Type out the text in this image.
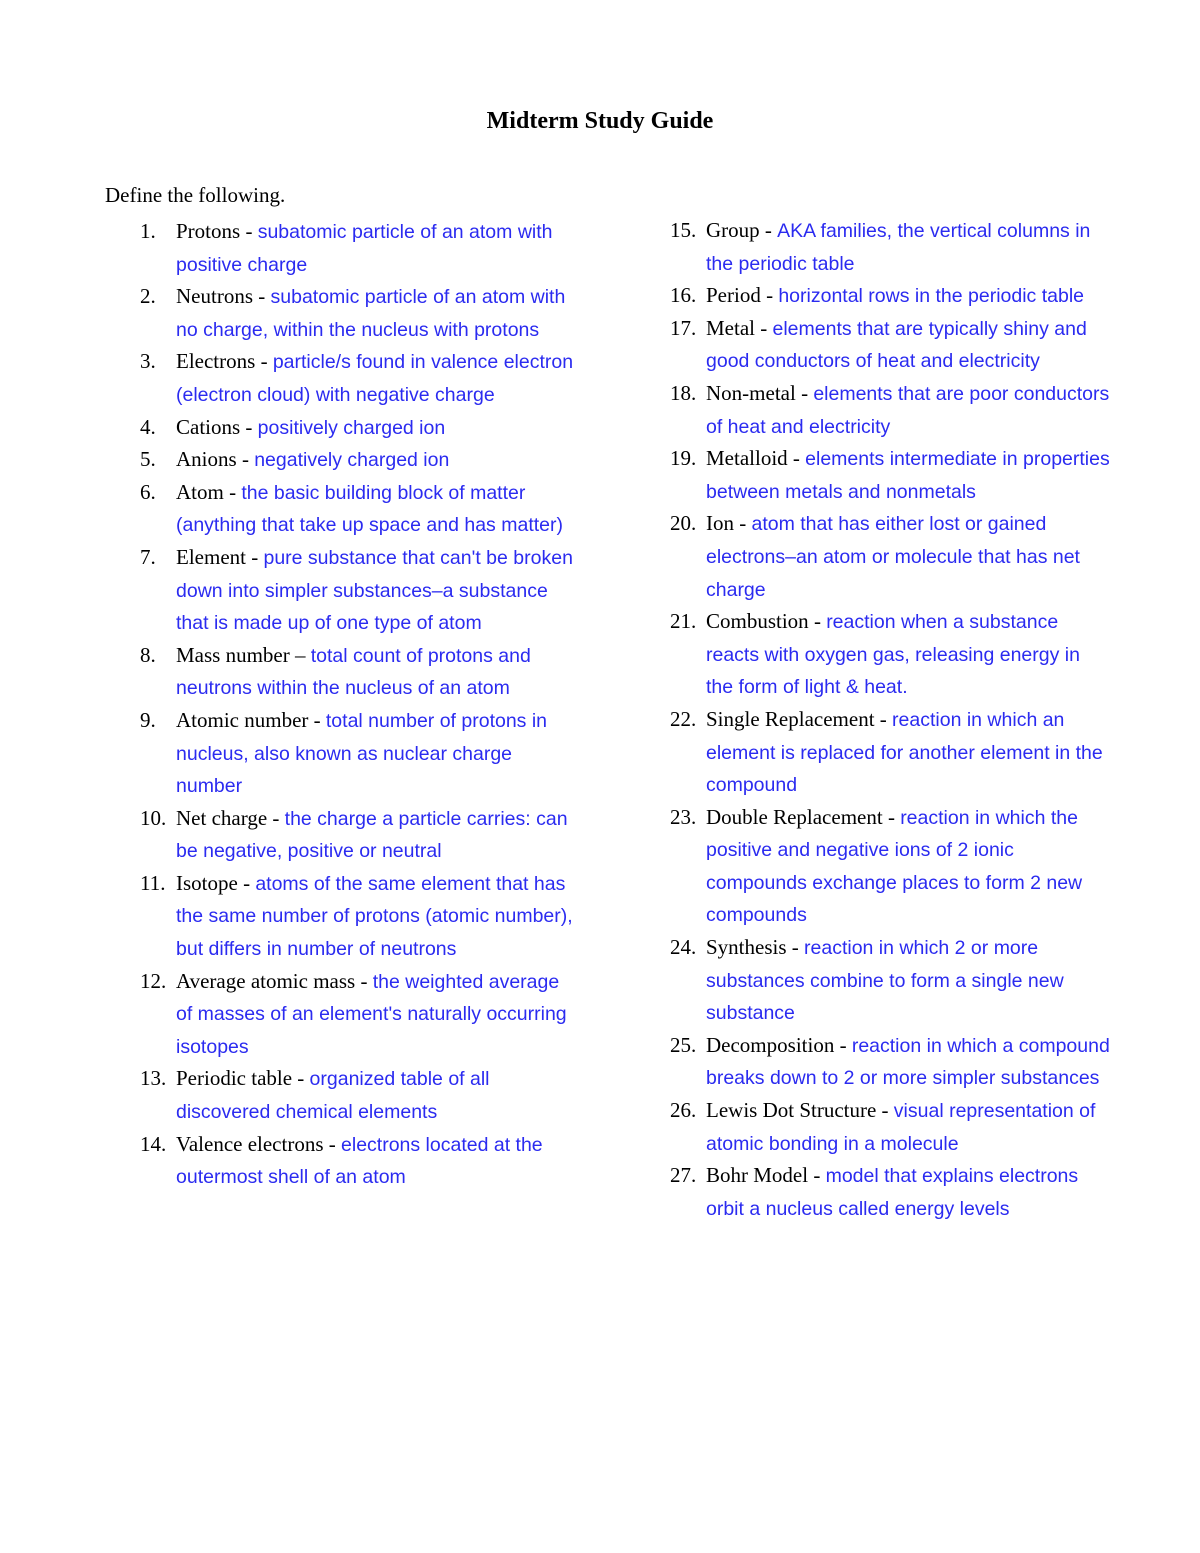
Midterm Study Guide
Define the following.
1. Protons - subatomic particle of an atom with positive charge
2. Neutrons - subatomic particle of an atom with no charge, within the nucleus with protons
3. Electrons - particle/s found in valence electron (electron cloud) with negative charge
4. Cations - positively charged ion
5. Anions - negatively charged ion
6. Atom - the basic building block of matter (anything that take up space and has matter)
7. Element - pure substance that can't be broken down into simpler substances–a substance that is made up of one type of atom
8. Mass number – total count of protons and neutrons within the nucleus of an atom
9. Atomic number - total number of protons in nucleus, also known as nuclear charge number
10. Net charge - the charge a particle carries: can be negative, positive or neutral
11. Isotope - atoms of the same element that has the same number of protons (atomic number), but differs in number of neutrons
12. Average atomic mass - the weighted average of masses of an element's naturally occurring isotopes
13. Periodic table - organized table of all discovered chemical elements
14. Valence electrons - electrons located at the outermost shell of an atom
15. Group - AKA families, the vertical columns in the periodic table
16. Period - horizontal rows in the periodic table
17. Metal - elements that are typically shiny and good conductors of heat and electricity
18. Non-metal - elements that are poor conductors of heat and electricity
19. Metalloid - elements intermediate in properties between metals and nonmetals
20. Ion - atom that has either lost or gained electrons–an atom or molecule that has net charge
21. Combustion - reaction when a substance reacts with oxygen gas, releasing energy in the form of light & heat.
22. Single Replacement - reaction in which an element is replaced for another element in the compound
23. Double Replacement - reaction in which the positive and negative ions of 2 ionic compounds exchange places to form 2 new compounds
24. Synthesis - reaction in which 2 or more substances combine to form a single new substance
25. Decomposition - reaction in which a compound breaks down to 2 or more simpler substances
26. Lewis Dot Structure - visual representation of atomic bonding in a molecule
27. Bohr Model - model that explains electrons orbit a nucleus called energy levels
